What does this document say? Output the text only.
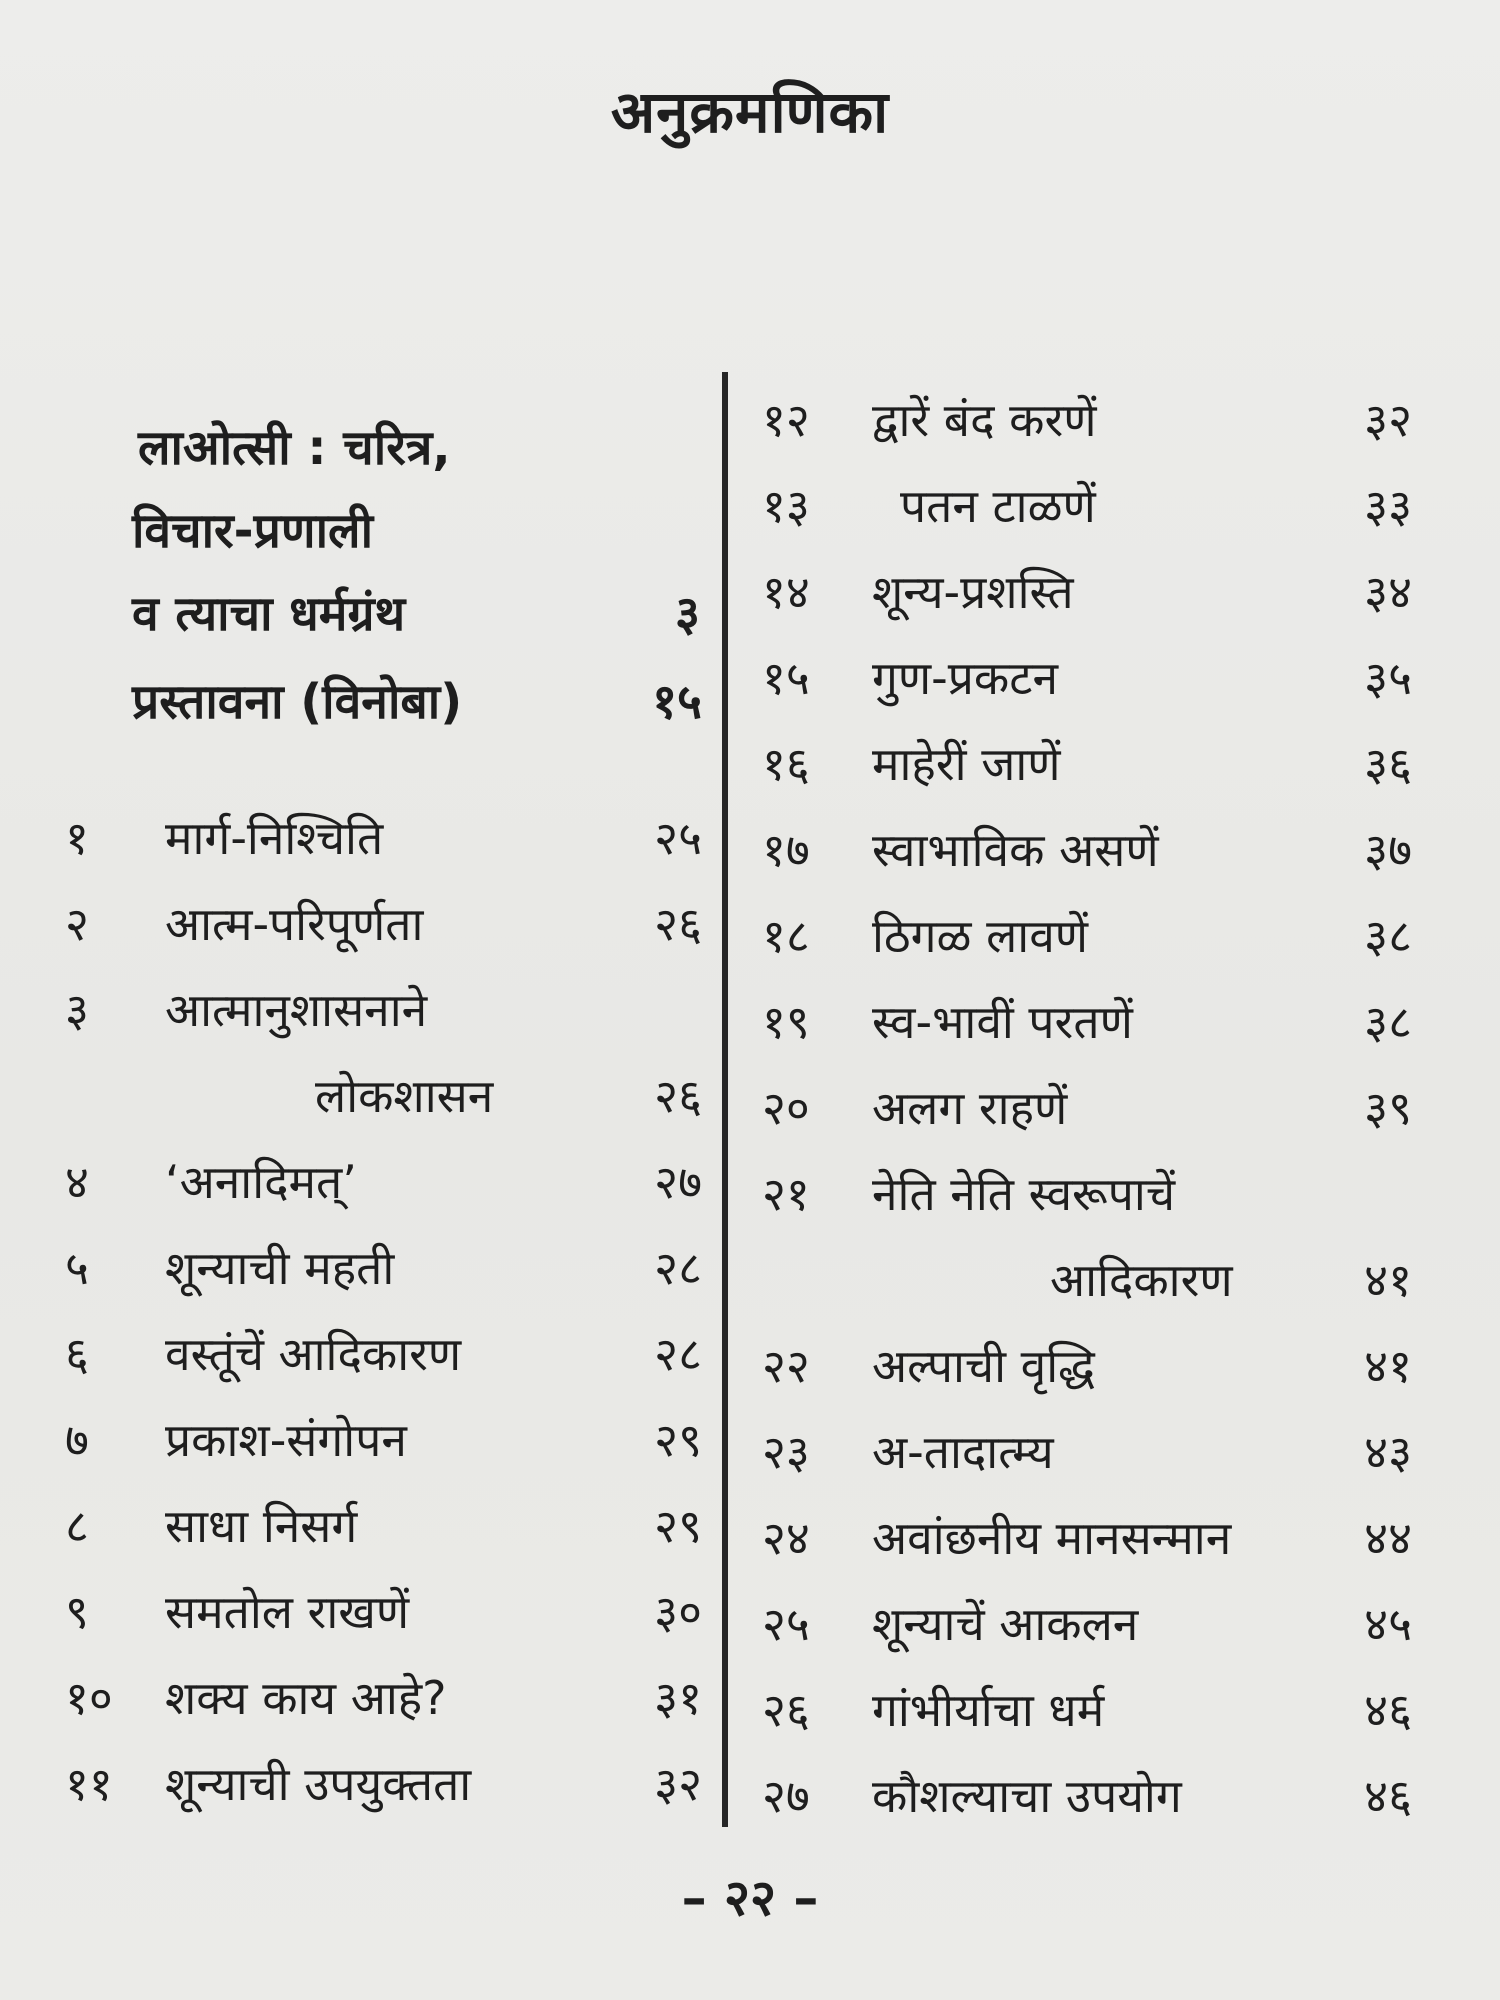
अनुक्रमणिका
लाओत्सी : चरित्र,
विचार-प्रणाली
व त्याचा धर्मग्रंथ	३
प्रस्तावना (विनोबा)	१५
१ मार्ग-निश्चिति	२५
२ आत्म-परिपूर्णता	२६
३ आत्मानुशासनाने
लोकशासन	२६
४ ‘अनादिमत्’	२७
५ शून्याची महती	२८
६ वस्तूंचें आदिकारण	२८
७ प्रकाश-संगोपन	२९
८ साधा निसर्ग	२९
९ समतोल राखणें	३०
१० शक्य काय आहे?	३१
११ शून्याची उपयुक्तता	३२
१२ द्वारें बंद करणें	३२
१३ पतन टाळणें	३३
१४ शून्य-प्रशस्ति	३४
१५ गुण-प्रकटन	३५
१६ माहेरीं जाणें	३६
१७ स्वाभाविक असणें	३७
१८ ठिगळ लावणें	३८
१९ स्व-भावीं परतणें	३८
२० अलग राहणें	३९
२१ नेति नेति स्वरूपाचें
आदिकारण	४१
२२ अल्पाची वृद्धि	४१
२३ अ-तादात्म्य	४३
२४ अवांछनीय मानसन्मान	४४
२५ शून्याचें आकलन	४५
२६ गांभीर्याचा धर्म	४६
२७ कौशल्याचा उपयोग	४६
– २२ –
